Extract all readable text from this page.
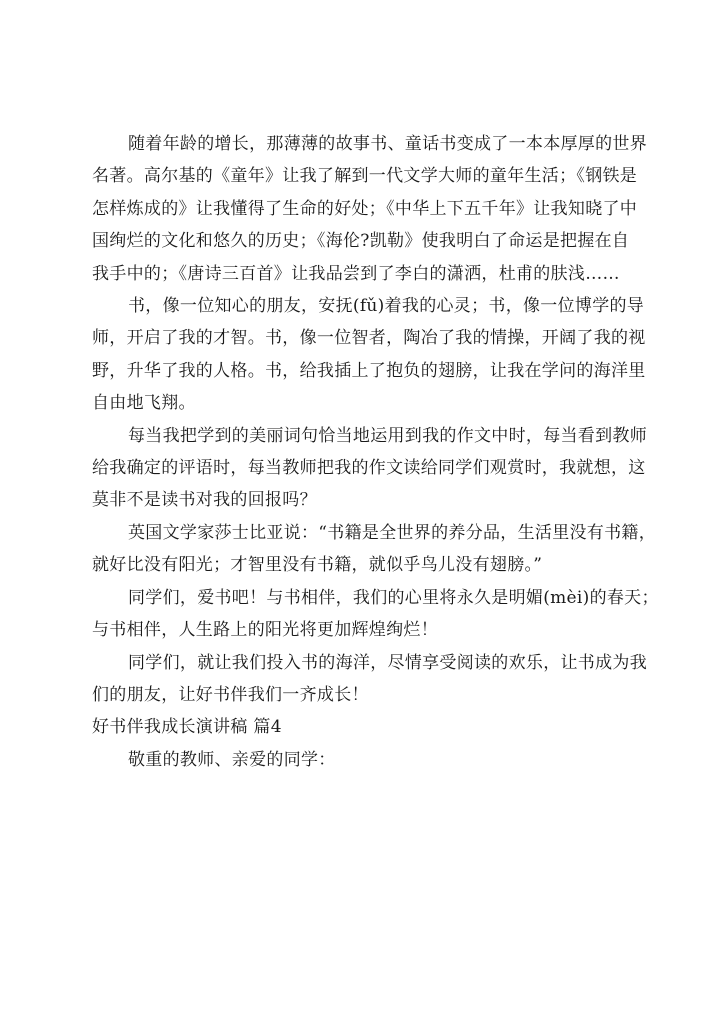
随着年龄的增长，那薄薄的故事书、童话书变成了一本本厚厚的世界
名著。高尔基的《童年》让我了解到一代文学大师的童年生活；《钢铁是
怎样炼成的》让我懂得了生命的好处；《中华上下五千年》让我知晓了中
国绚烂的文化和悠久的历史；《海伦?凯勒》使我明白了命运是把握在自
我手中的；《唐诗三百首》让我品尝到了李白的潇洒，杜甫的肤浅……

书，像一位知心的朋友，安抚(fǔ)着我的心灵；书，像一位博学的导
师，开启了我的才智。书，像一位智者，陶冶了我的情操，开阔了我的视
野，升华了我的人格。书，给我插上了抱负的翅膀，让我在学问的海洋里
自由地飞翔。

每当我把学到的美丽词句恰当地运用到我的作文中时，每当看到教师
给我确定的评语时，每当教师把我的作文读给同学们观赏时，我就想，这
莫非不是读书对我的回报吗？

英国文学家莎士比亚说：“书籍是全世界的养分品，生活里没有书籍，
就好比没有阳光；才智里没有书籍，就似乎鸟儿没有翅膀。”

同学们，爱书吧！与书相伴，我们的心里将永久是明媚(mèi)的春天；
与书相伴，人生路上的阳光将更加辉煌绚烂！

同学们，就让我们投入书的海洋，尽情享受阅读的欢乐，让书成为我
们的朋友，让好书伴我们一齐成长！

好书伴我成长演讲稿 篇4

敬重的教师、亲爱的同学：
